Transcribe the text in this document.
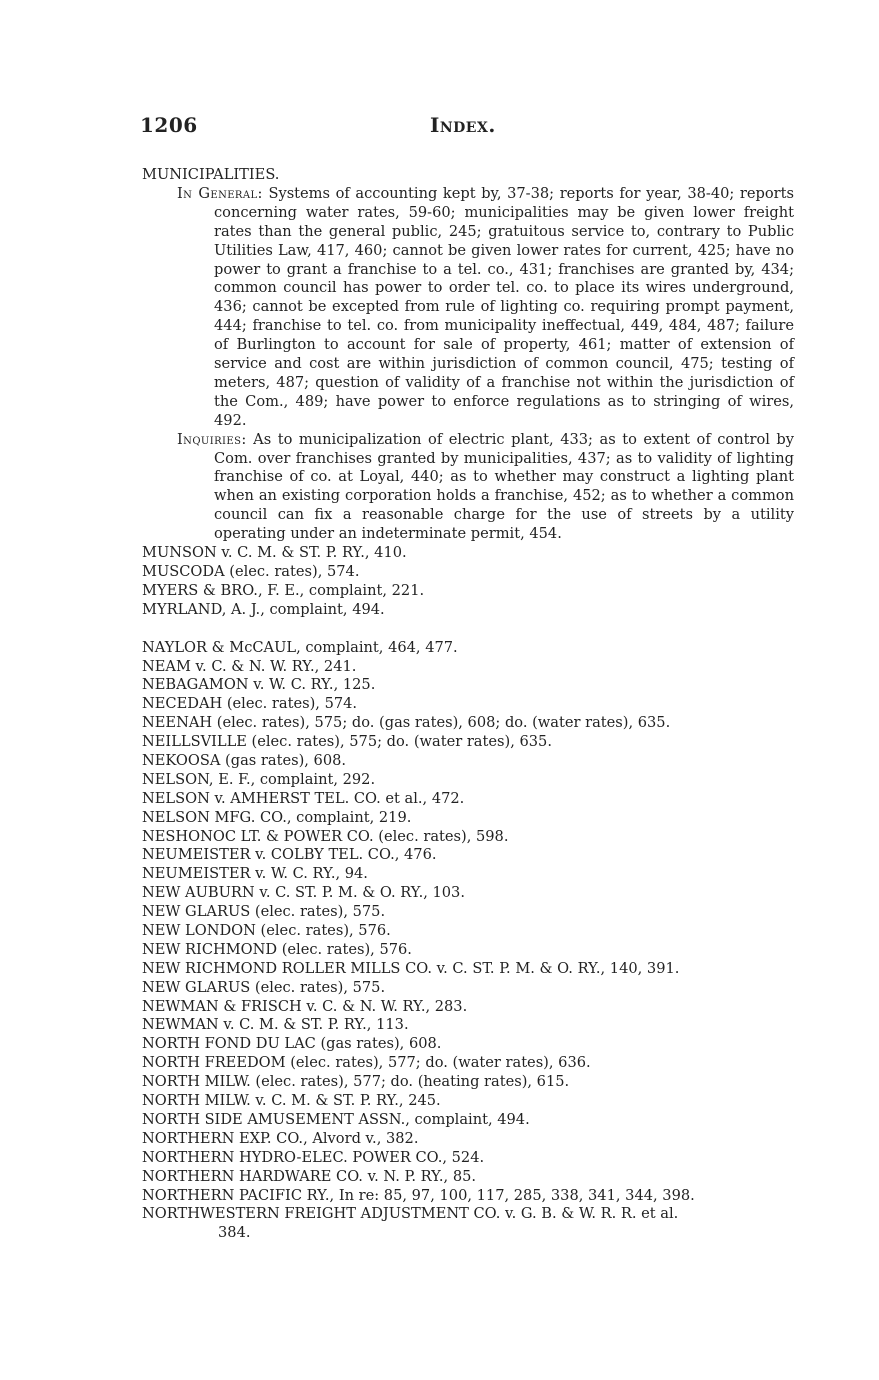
1206	Index.
MUNICIPALITIES.
In General: Systems of accounting kept by, 37-38; reports for year, 38-40; reports concerning water rates, 59-60; municipalities may be given lower freight rates than the general public, 245; gratuitous service to, contrary to Public Utilities Law, 417, 460; cannot be given lower rates for current, 425; have no power to grant a franchise to a tel. co., 431; franchises are granted by, 434; common council has power to order tel. co. to place its wires underground, 436; cannot be excepted from rule of lighting co. requiring prompt payment, 444; franchise to tel. co. from municipality ineffectual, 449, 484, 487; failure of Burlington to account for sale of property, 461; matter of extension of service and cost are within jurisdiction of common council, 475; testing of meters, 487; question of validity of a franchise not within the jurisdiction of the Com., 489; have power to enforce regulations as to stringing of wires, 492.
Inquiries: As to municipalization of electric plant, 433; as to extent of control by Com. over franchises granted by municipalities, 437; as to validity of lighting franchise of co. at Loyal, 440; as to whether may construct a lighting plant when an existing corporation holds a franchise, 452; as to whether a common council can fix a reasonable charge for the use of streets by a utility operating under an indeterminate permit, 454.
MUNSON v. C. M. & ST. P. RY., 410.
MUSCODA (elec. rates), 574.
MYERS & BRO., F. E., complaint, 221.
MYRLAND, A. J., complaint, 494.
NAYLOR & McCAUL, complaint, 464, 477.
NEAM v. C. & N. W. RY., 241.
NEBAGAMON v. W. C. RY., 125.
NECEDAH (elec. rates), 574.
NEENAH (elec. rates), 575; do. (gas rates), 608; do. (water rates), 635.
NEILLSVILLE (elec. rates), 575; do. (water rates), 635.
NEKOOSA (gas rates), 608.
NELSON, E. F., complaint, 292.
NELSON v. AMHERST TEL. CO. et al., 472.
NELSON MFG. CO., complaint, 219.
NESHONOC LT. & POWER CO. (elec. rates), 598.
NEUMEISTER v. COLBY TEL. CO., 476.
NEUMEISTER v. W. C. RY., 94.
NEW AUBURN v. C. ST. P. M. & O. RY., 103.
NEW GLARUS (elec. rates), 575.
NEW LONDON (elec. rates), 576.
NEW RICHMOND (elec. rates), 576.
NEW RICHMOND ROLLER MILLS CO. v. C. ST. P. M. & O. RY., 140, 391.
NEW GLARUS (elec. rates), 575.
NEWMAN & FRISCH v. C. & N. W. RY., 283.
NEWMAN v. C. M. & ST. P. RY., 113.
NORTH FOND DU LAC (gas rates), 608.
NORTH FREEDOM (elec. rates), 577; do. (water rates), 636.
NORTH MILW. (elec. rates), 577; do. (heating rates), 615.
NORTH MILW. v. C. M. & ST. P. RY., 245.
NORTH SIDE AMUSEMENT ASSN., complaint, 494.
NORTHERN EXP. CO., Alvord v., 382.
NORTHERN HYDRO-ELEC. POWER CO., 524.
NORTHERN HARDWARE CO. v. N. P. RY., 85.
NORTHERN PACIFIC RY., In re: 85, 97, 100, 117, 285, 338, 341, 344, 398.
NORTHWESTERN FREIGHT ADJUSTMENT CO. v. G. B. & W. R. R. et al.
384.
